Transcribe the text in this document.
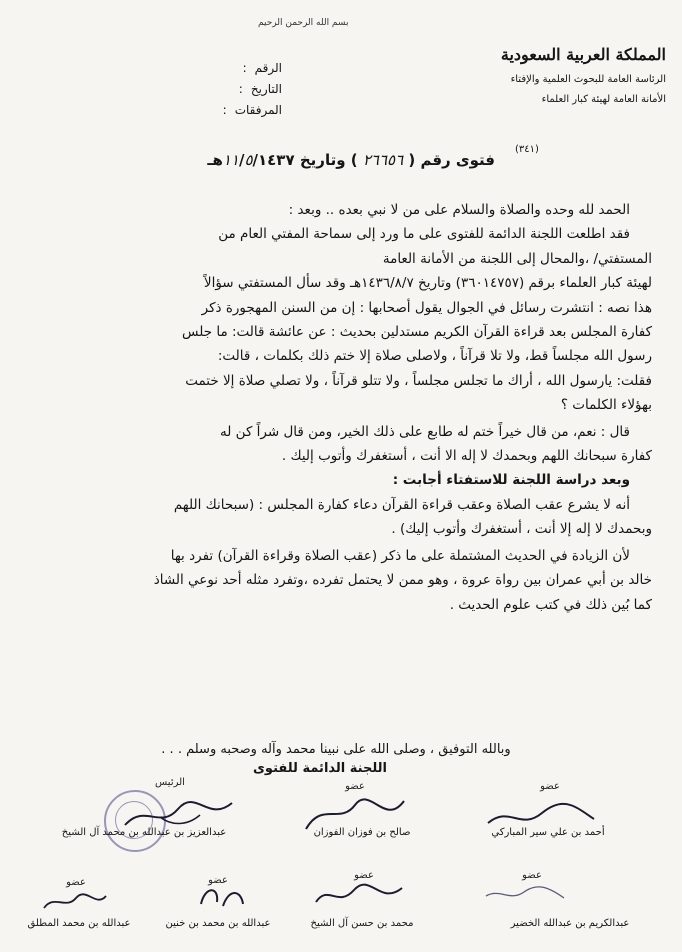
بسم الله الرحمن الرحيم
المملكة العربية السعودية
الرئاسة العامة للبحوث العلمية والإفتاء
الأمانة العامة لهيئة كبار العلماء
الرقم
:
التاريخ
:
المرفقات
:
(٣٤١)
فتوى رقم ( ٢٦٦٥٦ ) وتاريخ ١١/٥/١٤٣٧هـ

الحمد لله وحده والصلاة والسلام على من لا نبي بعده .. وبعد :

فقد اطلعت اللجنة الدائمة للفتوى على ما ورد إلى سماحة المفتي العام من

المستفتي/ ،والمحال إلى اللجنة من الأمانة العامة

لهيئة كبار العلماء برقم (٣٦٠١٤٧٥٧) وتاريخ ١٤٣٦/٨/٧هـ وقد سأل المستفتي سؤالاً

هذا نصه : انتشرت رسائل في الجوال يقول أصحابها : إن من السنن المهجورة ذكر

كفارة المجلس بعد قراءة القرآن الكريم مستدلين بحديث : عن عائشة قالت: ما جلس

رسول الله مجلساً قط، ولا تلا قرآناً ، ولاصلى صلاة إلا ختم ذلك بكلمات ، قالت:

فقلت: يارسول الله ، أراك ما تجلس مجلساً ، ولا تتلو قرآناً ، ولا تصلي صلاة إلا ختمت

بهؤلاء الكلمات ؟

قال : نعم، من قال خيراً ختم له طابع على ذلك الخير، ومن قال شراً كن له

كفارة سبحانك اللهم وبحمدك لا إله الا أنت ، أستغفرك وأتوب إليك .

وبعد دراسة اللجنة للاستفتاء أجابت :

أنه لا يشرع عقب الصلاة وعقب قراءة القرآن دعاء كفارة المجلس : (سبحانك اللهم

وبحمدك لا إله إلا أنت ، أستغفرك وأتوب إليك) .

لأن الزيادة في الحديث المشتملة على ما ذكر (عقب الصلاة وقراءة القرآن) تفرد بها

خالد بن أبي عمران بين رواة عروة ، وهو ممن لا يحتمل تفرده ،وتفرد مثله أحد نوعي الشاذ

كما بُين ذلك في كتب علوم الحديث .

وبالله التوفيق ، وصلى الله على نبينا محمد وآله وصحبه وسلم . . .
اللجنة الدائمة للفتوى
الرئيس	عضو	عضو
عبدالعزيز بن عبدالله بن محمد آل الشيخ	صالح بن فوزان الفوزان	أحمد بن علي سير المباركي
عضو	عضو	عضو	عضو
عبدالله بن محمد المطلق	عبدالله بن محمد بن خنين	محمد بن حسن آل الشيخ	عبدالكريم بن عبدالله الخضير
